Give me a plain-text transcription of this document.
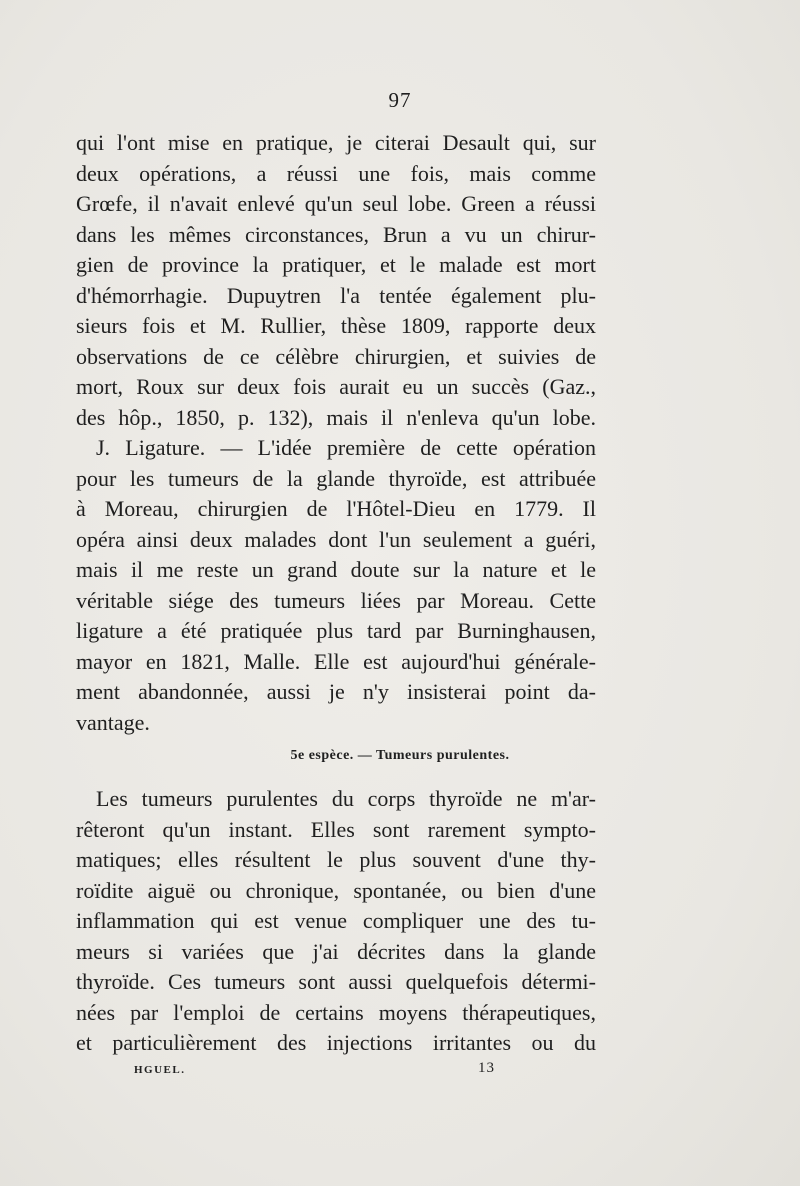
97
qui l'ont mise en pratique, je citerai Desault qui, sur
deux opérations, a réussi une fois, mais comme
Grœfe, il n'avait enlevé qu'un seul lobe. Green a réussi
dans les mêmes circonstances, Brun a vu un chirur-
gien de province la pratiquer, et le malade est mort
d'hémorrhagie. Dupuytren l'a tentée également plu-
sieurs fois et M. Rullier, thèse 1809, rapporte deux
observations de ce célèbre chirurgien, et suivies de
mort, Roux sur deux fois aurait eu un succès (Gaz.,
des hôp., 1850, p. 132), mais il n'enleva qu'un lobe.
J. Ligature. — L'idée première de cette opération
pour les tumeurs de la glande thyroïde, est attribuée
à Moreau, chirurgien de l'Hôtel-Dieu en 1779. Il
opéra ainsi deux malades dont l'un seulement a guéri,
mais il me reste un grand doute sur la nature et le
véritable siége des tumeurs liées par Moreau. Cette
ligature a été pratiquée plus tard par Burninghausen,
mayor en 1821, Malle. Elle est aujourd'hui générale-
ment abandonnée, aussi je n'y insisterai point da-
vantage.
5e espèce. — Tumeurs purulentes.
Les tumeurs purulentes du corps thyroïde ne m'ar-
rêteront qu'un instant. Elles sont rarement sympto-
matiques; elles résultent le plus souvent d'une thy-
roïdite aiguë ou chronique, spontanée, ou bien d'une
inflammation qui est venue compliquer une des tu-
meurs si variées que j'ai décrites dans la glande
thyroïde. Ces tumeurs sont aussi quelquefois détermi-
nées par l'emploi de certains moyens thérapeutiques,
et particulièrement des injections irritantes ou du
HGUEL.	13
